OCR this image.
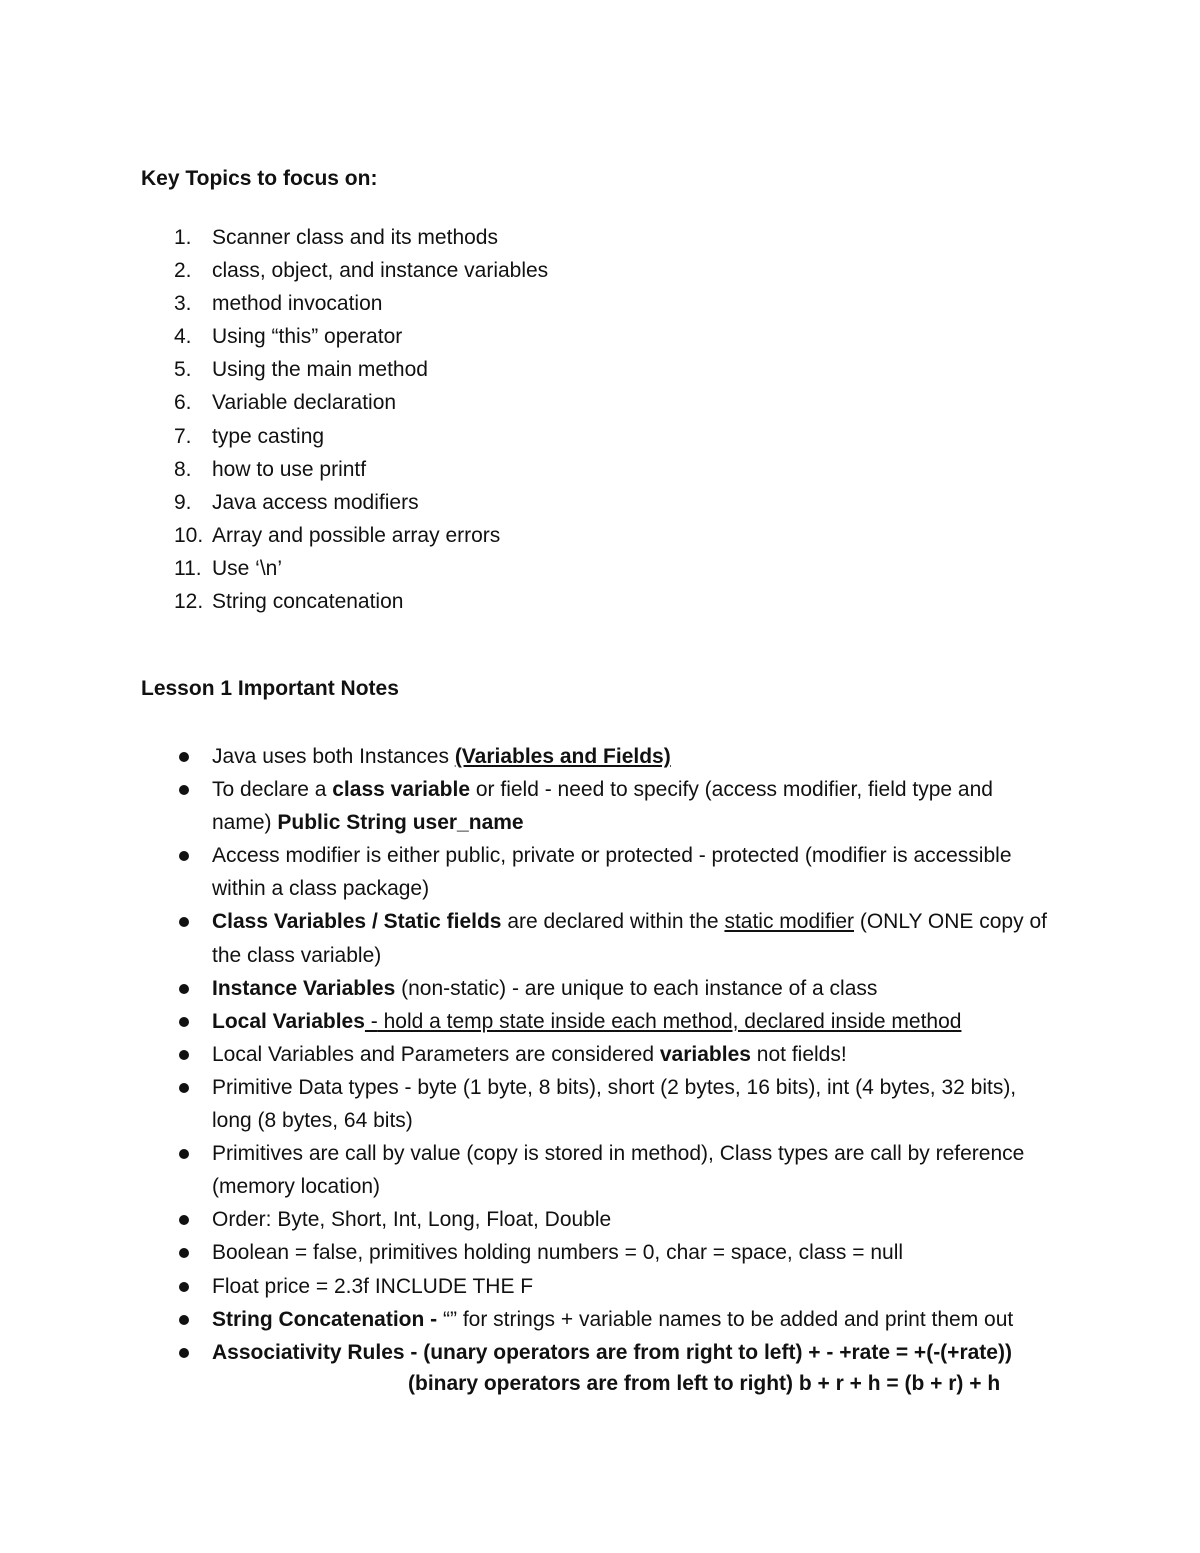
Key Topics to focus on:
1. Scanner class and its methods
2. class, object, and instance variables
3. method invocation
4. Using “this” operator
5. Using the main method
6. Variable declaration
7. type casting
8. how to use printf
9. Java access modifiers
10. Array and possible array errors
11. Use ‘\n’
12. String concatenation
Lesson 1 Important Notes
Java uses both Instances (Variables and Fields)
To declare a class variable or field - need to specify (access modifier, field type and name) Public String user_name
Access modifier is either public, private or protected - protected (modifier is accessible within a class package)
Class Variables / Static fields are declared within the static modifier (ONLY ONE copy of the class variable)
Instance Variables (non-static) - are unique to each instance of a class
Local Variables - hold a temp state inside each method, declared inside method
Local Variables and Parameters are considered variables not fields!
Primitive Data types - byte (1 byte, 8 bits), short (2 bytes, 16 bits), int (4 bytes, 32 bits), long (8 bytes, 64 bits)
Primitives are call by value (copy is stored in method), Class types are call by reference (memory location)
Order: Byte, Short, Int, Long, Float, Double
Boolean = false, primitives holding numbers = 0, char = space, class = null
Float price = 2.3f INCLUDE THE F
String Concatenation - “” for strings + variable names to be added and print them out
Associativity Rules - (unary operators are from right to left) + - +rate = +(-(+rate))
(binary operators are from left to right) b + r + h = (b + r) + h
